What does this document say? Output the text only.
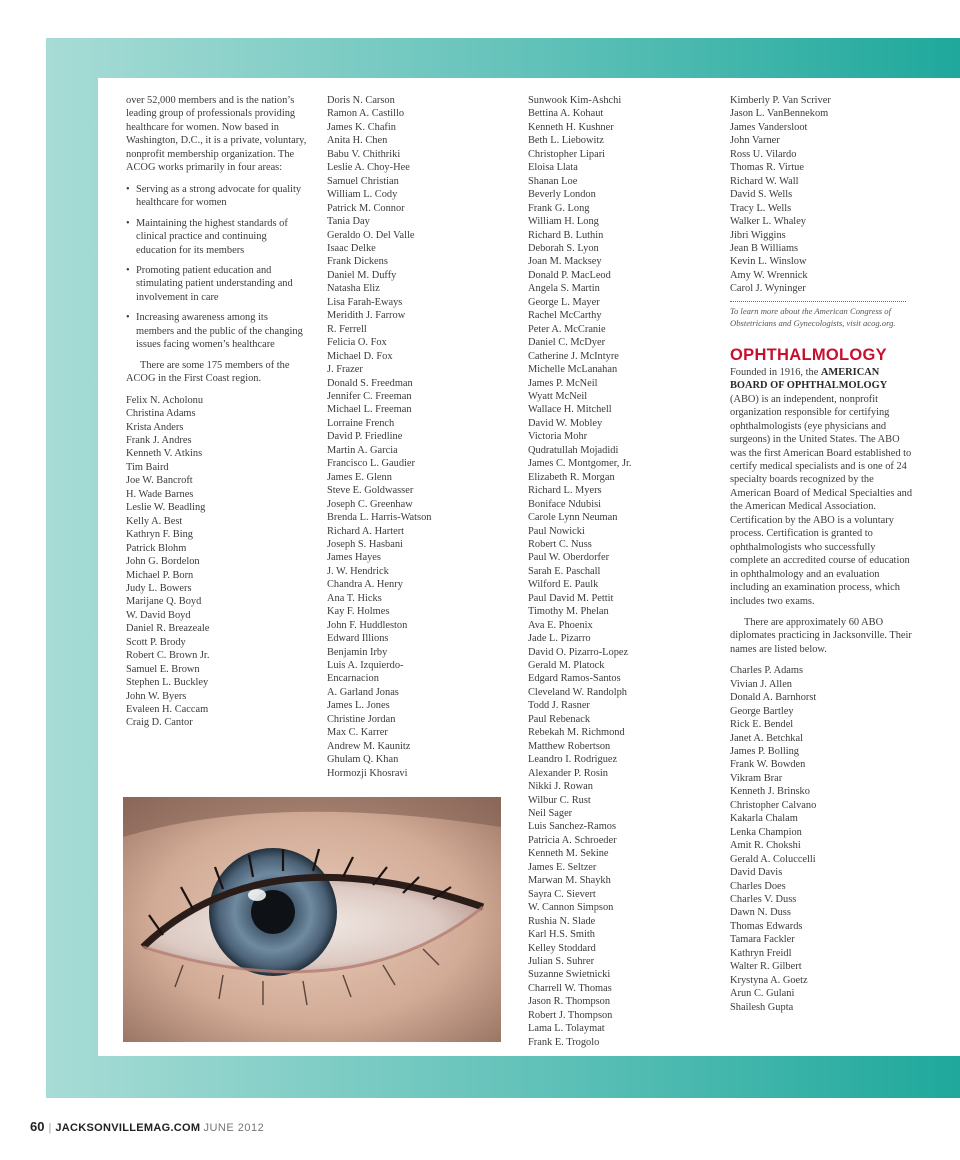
over 52,000 members and is the nation’s leading group of professionals providing healthcare for women. Now based in Washington, D.C., it is a private, voluntary, nonprofit membership organization. The ACOG works primarily in four areas:

• Serving as a strong advocate for quality healthcare for women
• Maintaining the highest standards of clinical practice and continuing education for its members
• Promoting patient education and stimulating patient understanding and involvement in care
• Increasing awareness among its members and the public of the changing issues facing women’s healthcare

There are some 175 members of the ACOG in the First Coast region.

Felix N. Acholonu
Christina Adams
Krista Anders
Frank J. Andres
Kenneth V. Atkins
Tim Baird
Joe W. Bancroft
H. Wade Barnes
Leslie W. Beadling
Kelly A. Best
Kathryn F. Bing
Patrick Blohm
John G. Bordelon
Michael P. Born
Judy L. Bowers
Marijane Q. Boyd
W. David Boyd
Daniel R. Breazeale
Scott P. Brody
Robert C. Brown Jr.
Samuel E. Brown
Stephen L. Buckley
John W. Byers
Evaleen H. Caccam
Craig D. Cantor
Doris N. Carson
Ramon A. Castillo
James K. Chafin
Anita H. Chen
Babu V. Chithriki
Leslie A. Choy-Hee
Samuel Christian
William L. Cody
Patrick M. Connor
Tania Day
Geraldo O. Del Valle
Isaac Delke
Frank Dickens
Daniel M. Duffy
Natasha Eliz
Lisa Farah-Eways
Meridith J. Farrow
R. Ferrell
Felicia O. Fox
Michael D. Fox
J. Frazer
Donald S. Freedman
Jennifer C. Freeman
Michael L. Freeman
Lorraine French
David P. Friedline
Martin A. Garcia
Francisco L. Gaudier
James E. Glenn
Steve E. Goldwasser
Joseph C. Greenhaw
Brenda L. Harris-Watson
Richard A. Hartert
Joseph S. Hasbani
James Hayes
J. W. Hendrick
Chandra A. Henry
Ana T. Hicks
Kay F. Holmes
John F. Huddleston
Edward Illions
Benjamin Irby
Luis A. Izquierdo-
Encarnacion
A. Garland Jonas
James L. Jones
Christine Jordan
Max C. Karrer
Andrew M. Kaunitz
Ghulam Q. Khan
Hormozji Khosravi
Sunwook Kim-Ashchi
Bettina A. Kohaut
Kenneth H. Kushner
Beth L. Liebowitz
Christopher Lipari
Eloisa Llata
Shanan Loe
Beverly London
Frank G. Long
William H. Long
Richard B. Luthin
Deborah S. Lyon
Joan M. Macksey
Donald P. MacLeod
Angela S. Martin
George L. Mayer
Rachel McCarthy
Peter A. McCranie
Daniel C. McDyer
Catherine J. McIntyre
Michelle McLanahan
James P. McNeil
Wyatt McNeil
Wallace H. Mitchell
David W. Mobley
Victoria Mohr
Qudratullah Mojadidi
James C. Montgomer, Jr.
Elizabeth R. Morgan
Richard L. Myers
Boniface Ndubisi
Carole Lynn Neuman
Paul Nowicki
Robert C. Nuss
Paul W. Oberdorfer
Sarah E. Paschall
Wilford E. Paulk
Paul David M. Pettit
Timothy M. Phelan
Ava E. Phoenix
Jade L. Pizarro
David O. Pizarro-Lopez
Gerald M. Platock
Edgard Ramos-Santos
Cleveland W. Randolph
Todd J. Rasner
Paul Rebenack
Rebekah M. Richmond
Matthew Robertson
Leandro I. Rodriguez
Alexander P. Rosin
Nikki J. Rowan
Wilbur C. Rust
Neil Sager
Luis Sanchez-Ramos
Patricia A. Schroeder
Kenneth M. Sekine
James E. Seltzer
Marwan M. Shaykh
Sayra C. Sievert
W. Cannon Simpson
Rushia N. Slade
Karl H.S. Smith
Kelley Stoddard
Julian S. Suhrer
Suzanne Swietnicki
Charrell W. Thomas
Jason R. Thompson
Robert J. Thompson
Lama L. Tolaymat
Frank E. Trogolo
Kimberly P. Van Scriver
Jason L. VanBennekom
James Vandersloot
John Varner
Ross U. Vilardo
Thomas R. Virtue
Richard W. Wall
David S. Wells
Tracy L. Wells
Walker L. Whaley
Jibri Wiggins
Jean B Williams
Kevin L. Winslow
Amy W. Wrennick
Carol J. Wyninger

To learn more about the American Congress of Obstetricians and Gynecologists, visit acog.org.

OPHTHALMOLOGY

Founded in 1916, the AMERICAN BOARD OF OPHTHALMOLOGY (ABO) is an independent, nonprofit organization responsible for certifying ophthalmologists (eye physicians and surgeons) in the United States. The ABO was the first American Board established to certify medical specialists and is one of 24 specialty boards recognized by the American Board of Medical Specialties and the American Medical Association. Certification by the ABO is a voluntary process. Certification is granted to ophthalmologists who successfully complete an accredited course of education in ophthalmology and an evaluation including an examination process, which includes two exams.

There are approximately 60 ABO diplomates practicing in Jacksonville. Their names are listed below.

Charles P. Adams
Vivian J. Allen
Donald A. Barnhorst
George Bartley
Rick E. Bendel
Janet A. Betchkal
James P. Bolling
Frank W. Bowden
Vikram Brar
Kenneth J. Brinsko
Christopher Calvano
Kakarla Chalam
Lenka Champion
Amit R. Chokshi
Gerald A. Coluccelli
David Davis
Charles Does
Charles V. Duss
Dawn N. Duss
Thomas Edwards
Tamara Fackler
Kathryn Freidl
Walter R. Gilbert
Krystyna A. Goetz
Arun C. Gulani
Shailesh Gupta
60 | JACKSONVILLEMAG.COM JUNE 2012
